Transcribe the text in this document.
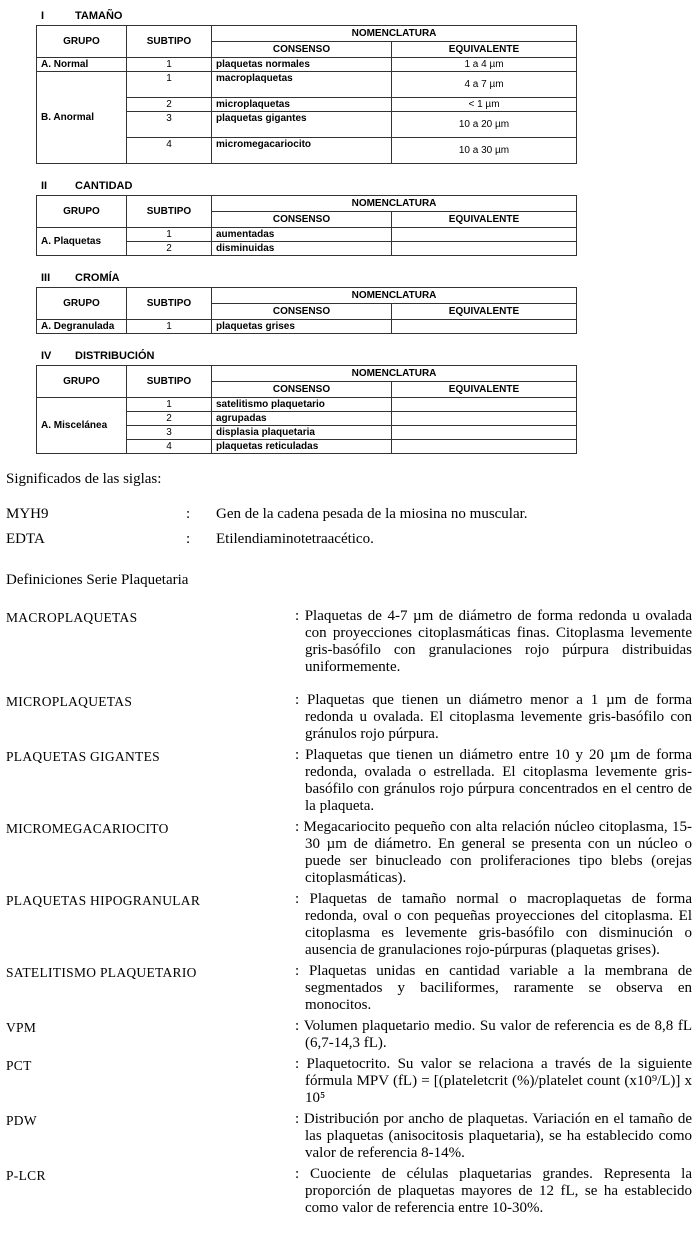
I	TAMAÑO
GRUPO	SUBTIPO	NOMENCLATURA	
		CONSENSO	EQUIVALENTE
A. Normal	1	plaquetas normales	1 a 4 µm
B. Anormal	1	macroplaquetas	4 a 7 µm
	2	microplaquetas	< 1 µm
	3	plaquetas gigantes	10 a 20 µm
	4	micromegacariocito	10 a 30 µm
II	CANTIDAD
GRUPO	SUBTIPO	NOMENCLATURA	
		CONSENSO	EQUIVALENTE
A. Plaquetas	1	aumentadas	
	2	disminuidas	
III CROMÍA
GRUPO	SUBTIPO	NOMENCLATURA	
		CONSENSO	EQUIVALENTE
A. Degranulada	1	plaquetas grises	
IV DISTRIBUCIÓN
GRUPO	SUBTIPO	NOMENCLATURA	
		CONSENSO	EQUIVALENTE
A. Miscelánea	1	satelitismo plaquetario	
	2	agrupadas	
	3	displasia plaquetaria	
	4	plaquetas reticuladas	

Significados de las siglas:

MYH9	:	Gen de la cadena pesada de la miosina no muscular.
EDTA	:	Etilendiaminotetraacético.

Definiciones Serie Plaquetaria

MACROPLAQUETAS	: Plaquetas de 4-7 µm de diámetro de forma redonda u ovalada con proyecciones citoplasmáticas finas. Citoplasma levemente gris-basófilo con granulaciones rojo púrpura distribuidas uniformemente.
MICROPLAQUETAS	: Plaquetas que tienen un diámetro menor a 1 µm de forma redonda u ovalada. El citoplasma levemente gris-basófilo con gránulos rojo púrpura.
PLAQUETAS GIGANTES	: Plaquetas que tienen un diámetro entre 10 y 20 µm de forma redonda, ovalada o estrellada. El citoplasma levemente gris-basófilo con gránulos rojo púrpura concentrados en el centro de la plaqueta.
MICROMEGACARIOCITO	: Megacariocito pequeño con alta relación núcleo citoplasma, 15-30 µm de diámetro. En general se presenta con un núcleo o puede ser binucleado con proliferaciones tipo blebs (orejas citoplasmáticas).
PLAQUETAS HIPOGRANULAR	: Plaquetas de tamaño normal o macroplaquetas de forma redonda, oval o con pequeñas proyecciones del citoplasma. El citoplasma es levemente gris-basófilo con disminución o ausencia de granulaciones rojo-púrpuras (plaquetas grises).
SATELITISMO PLAQUETARIO	: Plaquetas unidas en cantidad variable a la membrana de segmentados y baciliformes, raramente se observa en monocitos.
VPM	: Volumen plaquetario medio. Su valor de referencia es de 8,8 fL (6,7-14,3 fL).
PCT	: Plaquetocrito. Su valor se relaciona a través de la siguiente fórmula MPV (fL) = [(plateletcrit (%)/platelet count (x10⁹/L)] x 10⁵
PDW	: Distribución por ancho de plaquetas. Variación en el tamaño de las plaquetas (anisocitosis plaquetaria), se ha establecido como valor de referencia 8-14%.
P-LCR	: Cuociente de células plaquetarias grandes. Representa la proporción de plaquetas mayores de 12 fL, se ha establecido como valor de referencia entre 10-30%.
